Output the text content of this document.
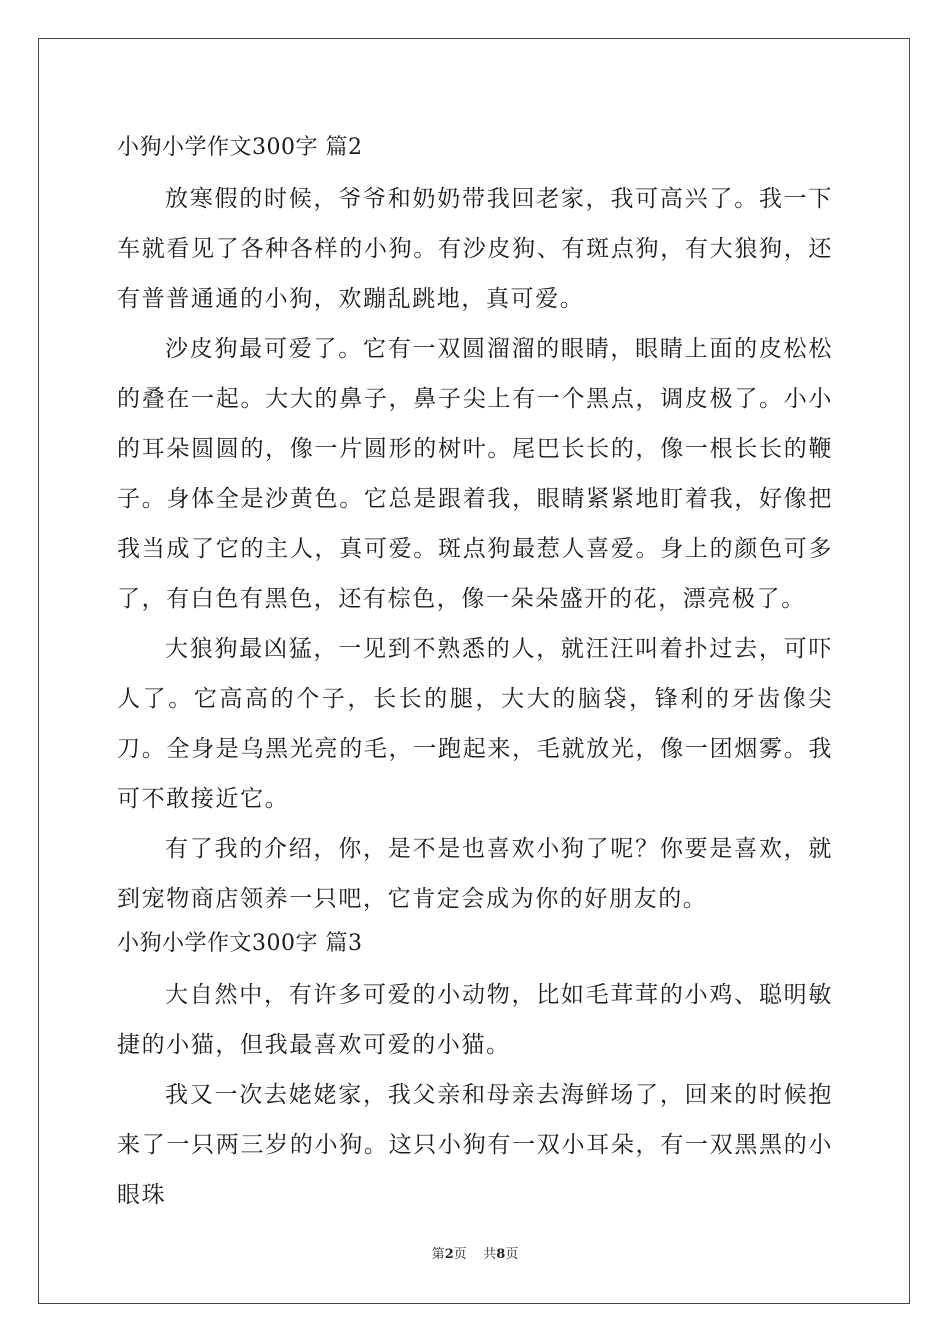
小狗小学作文300字 篇2

放寒假的时候，爷爷和奶奶带我回老家，我可高兴了。我一下车就看见了各种各样的小狗。有沙皮狗、有斑点狗，有大狼狗，还有普普通通的小狗，欢蹦乱跳地，真可爱。

沙皮狗最可爱了。它有一双圆溜溜的眼睛，眼睛上面的皮松松的叠在一起。大大的鼻子，鼻子尖上有一个黑点，调皮极了。小小的耳朵圆圆的，像一片圆形的树叶。尾巴长长的，像一根长长的鞭子。身体全是沙黄色。它总是跟着我，眼睛紧紧地盯着我，好像把我当成了它的主人，真可爱。斑点狗最惹人喜爱。身上的颜色可多了，有白色有黑色，还有棕色，像一朵朵盛开的花，漂亮极了。

大狼狗最凶猛，一见到不熟悉的人，就汪汪叫着扑过去，可吓人了。它高高的个子，长长的腿，大大的脑袋，锋利的牙齿像尖刀。全身是乌黑光亮的毛，一跑起来，毛就放光，像一团烟雾。我可不敢接近它。

有了我的介绍，你，是不是也喜欢小狗了呢？你要是喜欢，就到宠物商店领养一只吧，它肯定会成为你的好朋友的。

小狗小学作文300字 篇3

大自然中，有许多可爱的小动物，比如毛茸茸的小鸡、聪明敏捷的小猫，但我最喜欢可爱的小猫。

我又一次去姥姥家，我父亲和母亲去海鲜场了，回来的时候抱来了一只两三岁的小狗。这只小狗有一双小耳朵，有一双黑黑的小眼珠

第2页    共8页
